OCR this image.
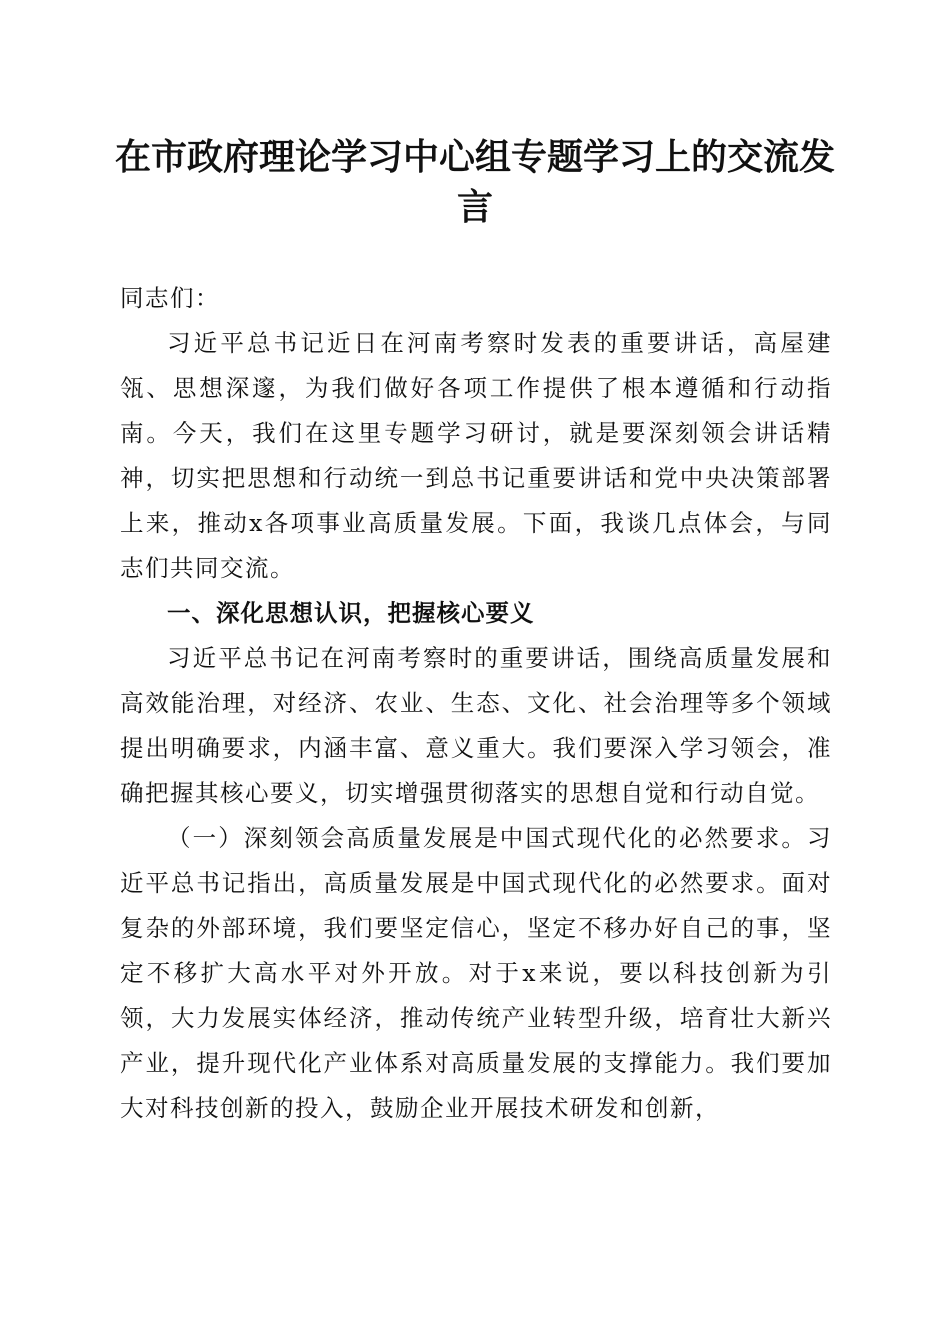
在市政府理论学习中心组专题学习上的交流发言

同志们：

习近平总书记近日在河南考察时发表的重要讲话，高屋建瓴、思想深邃，为我们做好各项工作提供了根本遵循和行动指南。今天，我们在这里专题学习研讨，就是要深刻领会讲话精神，切实把思想和行动统一到总书记重要讲话和党中央决策部署上来，推动x各项事业高质量发展。下面，我谈几点体会，与同志们共同交流。

一、深化思想认识，把握核心要义

习近平总书记在河南考察时的重要讲话，围绕高质量发展和高效能治理，对经济、农业、生态、文化、社会治理等多个领域提出明确要求，内涵丰富、意义重大。我们要深入学习领会，准确把握其核心要义，切实增强贯彻落实的思想自觉和行动自觉。

（一）深刻领会高质量发展是中国式现代化的必然要求。习近平总书记指出，高质量发展是中国式现代化的必然要求。面对复杂的外部环境，我们要坚定信心，坚定不移办好自己的事，坚定不移扩大高水平对外开放。对于x来说，要以科技创新为引领，大力发展实体经济，推动传统产业转型升级，培育壮大新兴产业，提升现代化产业体系对高质量发展的支撑能力。我们要加大对科技创新的投入，鼓励企业开展技术研发和创新，
